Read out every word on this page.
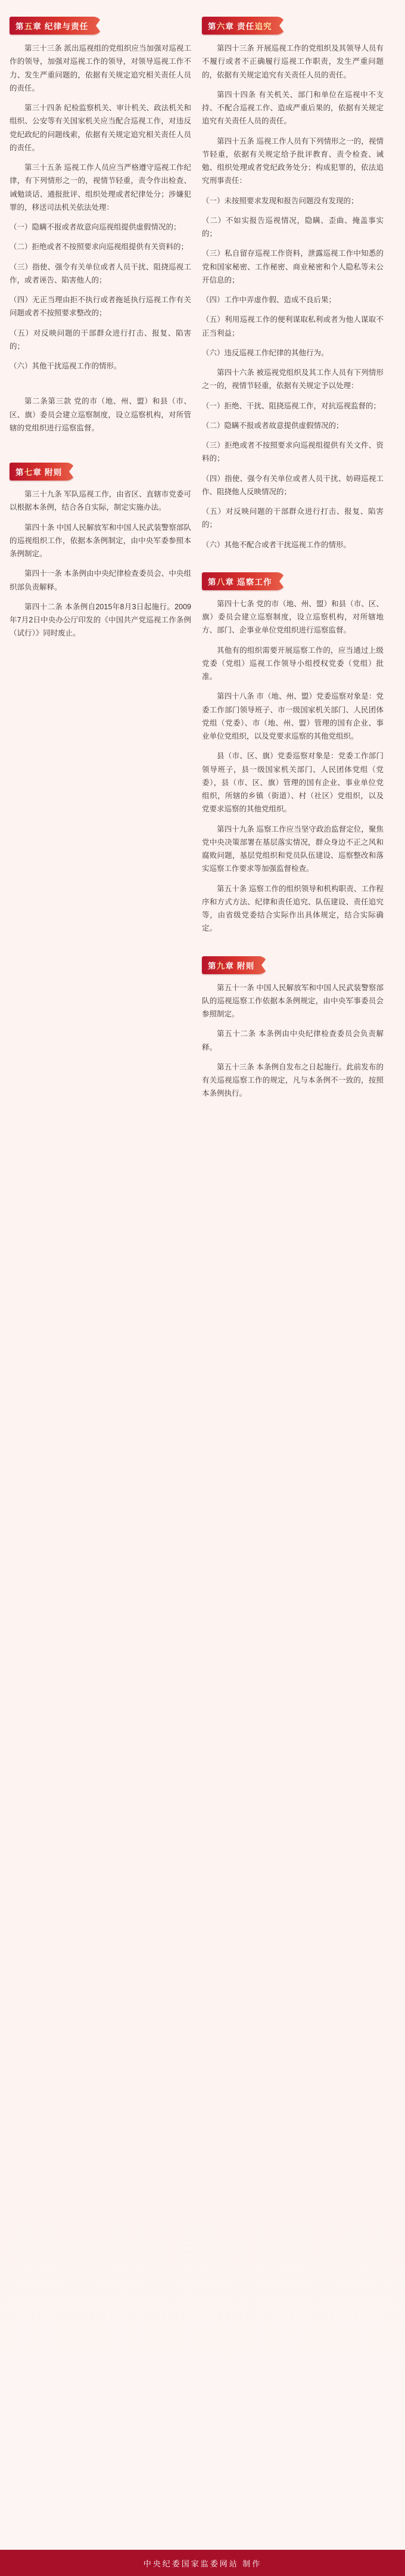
第五章 纪律与责任

第三十三条 派出巡视组的党组织应当加强对巡视工作的领导，加强对巡视工作的领导，对领导巡视工作不力、发生严重问题的，依据有关规定追究相关责任人员的责任。

第三十四条 纪检监察机关、审计机关、政法机关和组织、公安等有关国家机关应当配合巡视工作，对违反党纪政纪的问题线索，依据有关规定追究相关责任人员的责任。

第三十五条 巡视工作人员应当严格遵守巡视工作纪律，有下列情形之一的，视情节轻重，责令作出检查、诫勉谈话、通报批评、组织处理或者纪律处分；涉嫌犯罪的，移送司法机关依法处理：

（一）隐瞒不报或者故意向巡视组提供虚假情况的；

（二）拒绝或者不按照要求向巡视组提供有关资料的；

（三）指使、强令有关单位或者人员干扰、阻挠巡视工作，或者诬告、陷害他人的；

（四）无正当理由拒不执行或者拖延执行巡视工作有关问题或者不按照要求整改的；

（五）对反映问题的干部群众进行打击、报复、陷害的；

（六）其他干扰巡视工作的情形。

第二条第三款 党的市（地、州、盟）和县（市、区、旗）委员会建立巡察制度，设立巡察机构，对所管辖的党组织进行巡察监督。

第七章 附则

第三十九条 军队巡视工作，由省区、直辖市党委可以根据本条例，结合各自实际，制定实施办法。

第四十条 中国人民解放军和中国人民武装警察部队的巡视组织工作，依据本条例制定，由中央军委参照本条例制定。

第四十一条 本条例由中央纪律检查委员会、中央组织部负责解释。

第四十二条 本条例自2015年8月3日起施行。2009年7月2日中央办公厅印发的《中国共产党巡视工作条例（试行）》同时废止。

第六章 责任追究

第四十三条 开展巡视工作的党组织及其领导人员有不履行或者不正确履行巡视工作职责，发生严重问题的，依据有关规定追究有关责任人员的责任。

第四十四条 有关机关、部门和单位在巡视中不支持、不配合巡视工作、造成严重后果的，依据有关规定追究有关责任人员的责任。

第四十五条 巡视工作人员有下列情形之一的，视情节轻重，依据有关规定给予批评教育、责令检查、诫勉、组织处理或者党纪政务处分；构成犯罪的，依法追究刑事责任：

（一）未按照要求发现和报告问题没有发现的；

（二）不如实报告巡视情况，隐瞒、歪曲、掩盖事实的；

（三）私自留存巡视工作资料，泄露巡视工作中知悉的党和国家秘密、工作秘密、商业秘密和个人隐私等未公开信息的；

（四）工作中弄虚作假、造成不良后果；

（五）利用巡视工作的便利谋取私利或者为他人谋取不正当利益；

（六）违反巡视工作纪律的其他行为。

第四十六条 被巡视党组织及其工作人员有下列情形之一的，视情节轻重，依据有关规定予以处理：

（一）拒绝、干扰、阻挠巡视工作，对抗巡视监督的；

（二）隐瞒不报或者故意提供虚假情况的；

（三）拒绝或者不按照要求向巡视组提供有关文件、资料的；

（四）指使、强令有关单位或者人员干扰、妨碍巡视工作、阻挠他人反映情况的；

（五）对反映问题的干部群众进行打击、报复、陷害的；

（六）其他不配合或者干扰巡视工作的情形。

第八章 巡察工作

第四十七条 党的市（地、州、盟）和县（市、区、旗）委员会建立巡察制度，设立巡察机构，对所辖地方、部门、企事业单位党组织进行巡察监督。

其他有的组织需要开展巡察工作的，应当通过上级党委（党组）巡视工作领导小组授权党委（党组）批准。

第四十八条 市（地、州、盟）党委巡察对象是：党委工作部门领导班子、市一级国家机关部门、人民团体党组（党委）、市（地、州、盟）管理的国有企业、事业单位党组织，以及党要求巡察的其他党组织。

县（市、区、旗）党委巡察对象是：党委工作部门领导班子，县一级国家机关部门、人民团体党组（党委），县（市、区、旗）管理的国有企业、事业单位党组织，所辖的乡镇（街道）、村（社区）党组织，以及党要求巡察的其他党组织。

第四十九条 巡察工作应当坚守政治监督定位，聚焦党中央决策部署在基层落实情况，群众身边不正之风和腐败问题，基层党组织和党员队伍建设、巡察整改和落实巡察工作要求等加强监督检查。

第五十条 巡察工作的组织领导和机构职责、工作程序和方式方法、纪律和责任追究、队伍建设、责任追究等，由省级党委结合实际作出具体规定，结合实际确定。

第九章 附则

第五十一条 中国人民解放军和中国人民武装警察部队的巡视巡察工作依据本条例规定，由中央军事委员会参照制定。

第五十二条 本条例由中央纪律检查委员会负责解释。

第五十三条 本条例自发布之日起施行。此前发布的有关巡视巡察工作的规定，凡与本条例不一致的，按照本条例执行。

中央纪委国家监委网站 制作
